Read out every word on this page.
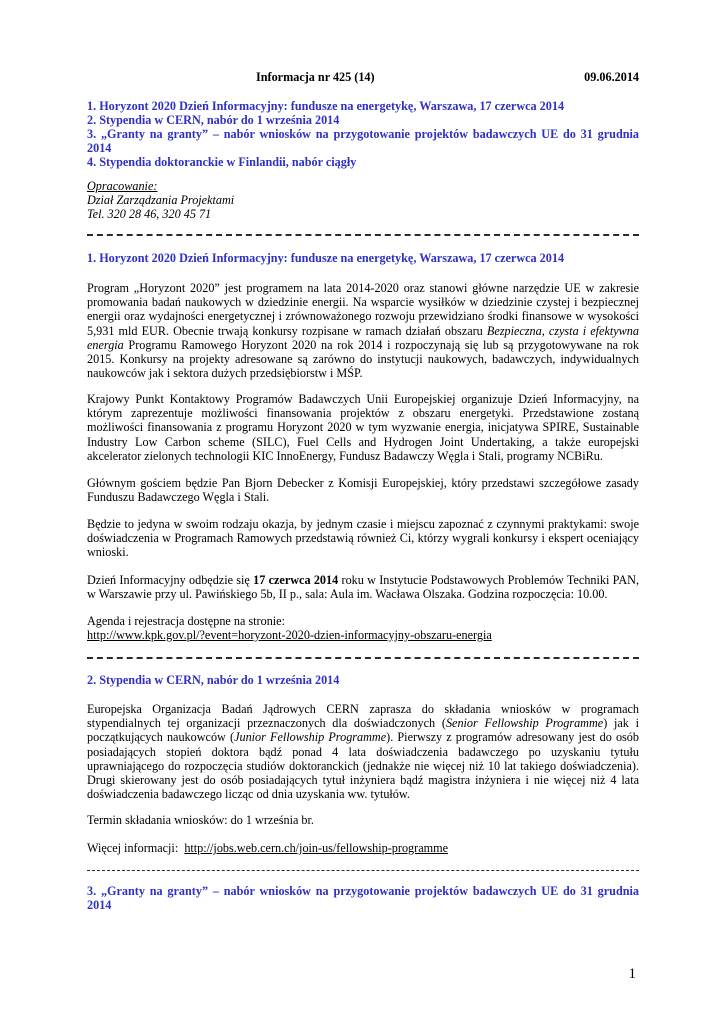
Informacja nr 425 (14)	09.06.2014
1. Horyzont 2020 Dzień Informacyjny: fundusze na energetykę, Warszawa, 17 czerwca 2014
2. Stypendia w CERN, nabór do 1 września 2014
3. „Granty na granty” – nabór wniosków na przygotowanie projektów badawczych UE do 31 grudnia 2014
4. Stypendia doktoranckie w Finlandii, nabór ciągły
Opracowanie:
Dział Zarządzania Projektami
Tel. 320 28 46, 320 45 71
1. Horyzont 2020 Dzień Informacyjny: fundusze na energetykę, Warszawa, 17 czerwca 2014

Program „Horyzont 2020” jest programem na lata 2014-2020 oraz stanowi główne narzędzie UE w zakresie promowania badań naukowych w dziedzinie energii. Na wsparcie wysiłków w dziedzinie czystej i bezpiecznej energii oraz wydajności energetycznej i zrównoważonego rozwoju przewidziano środki finansowe w wysokości 5,931 mld EUR. Obecnie trwają konkursy rozpisane w ramach działań obszaru Bezpieczna, czysta i efektywna energia Programu Ramowego Horyzont 2020 na rok 2014 i rozpoczynają się lub są przygotowywane na rok 2015. Konkursy na projekty adresowane są zarówno do instytucji naukowych, badawczych, indywidualnych naukowców jak i sektora dużych przedsiębiorstw i MŚP.

Krajowy Punkt Kontaktowy Programów Badawczych Unii Europejskiej organizuje Dzień Informacyjny, na którym zaprezentuje możliwości finansowania projektów z obszaru energetyki. Przedstawione zostaną możliwości finansowania z programu Horyzont 2020 w tym wyzwanie energia, inicjatywa SPIRE, Sustainable Industry Low Carbon scheme (SILC), Fuel Cells and Hydrogen Joint Undertaking, a także europejski akcelerator zielonych technologii KIC InnoEnergy, Fundusz Badawczy Węgla i Stali, programy NCBiRu.

Głównym gościem będzie Pan Bjorn Debecker z Komisji Europejskiej, który przedstawi szczegółowe zasady Funduszu Badawczego Węgla i Stali.

Będzie to jedyna w swoim rodzaju okazja, by jednym czasie i miejscu zapoznać z czynnymi praktykami: swoje doświadczenia w Programach Ramowych przedstawią również Ci, którzy wygrali konkursy i ekspert oceniający wnioski.

Dzień Informacyjny odbędzie się 17 czerwca 2014 roku w Instytucie Podstawowych Problemów Techniki PAN, w Warszawie przy ul. Pawińskiego 5b, II p., sala: Aula im. Wacława Olszaka. Godzina rozpoczęcia: 10.00.

Agenda i rejestracja dostępne na stronie:

http://www.kpk.gov.pl/?event=horyzont-2020-dzien-informacyjny-obszaru-energia
2. Stypendia w CERN, nabór do 1 września 2014

Europejska Organizacja Badań Jądrowych CERN zaprasza do składania wniosków w programach stypendialnych tej organizacji przeznaczonych dla doświadczonych (Senior Fellowship Programme) jak i początkujących naukowców (Junior Fellowship Programme). Pierwszy z programów adresowany jest do osób posiadających stopień doktora bądź ponad 4 lata doświadczenia badawczego po uzyskaniu tytułu uprawniającego do rozpoczęcia studiów doktoranckich (jednakże nie więcej niż 10 lat takiego doświadczenia). Drugi skierowany jest do osób posiadających tytuł inżyniera bądź magistra inżyniera i nie więcej niż 4 lata doświadczenia badawczego licząc od dnia uzyskania ww. tytułów.

Termin składania wniosków: do 1 września br.

Więcej informacji:  http://jobs.web.cern.ch/join-us/fellowship-programme
3. „Granty na granty” – nabór wniosków na przygotowanie projektów badawczych UE do 31 grudnia 2014
1
